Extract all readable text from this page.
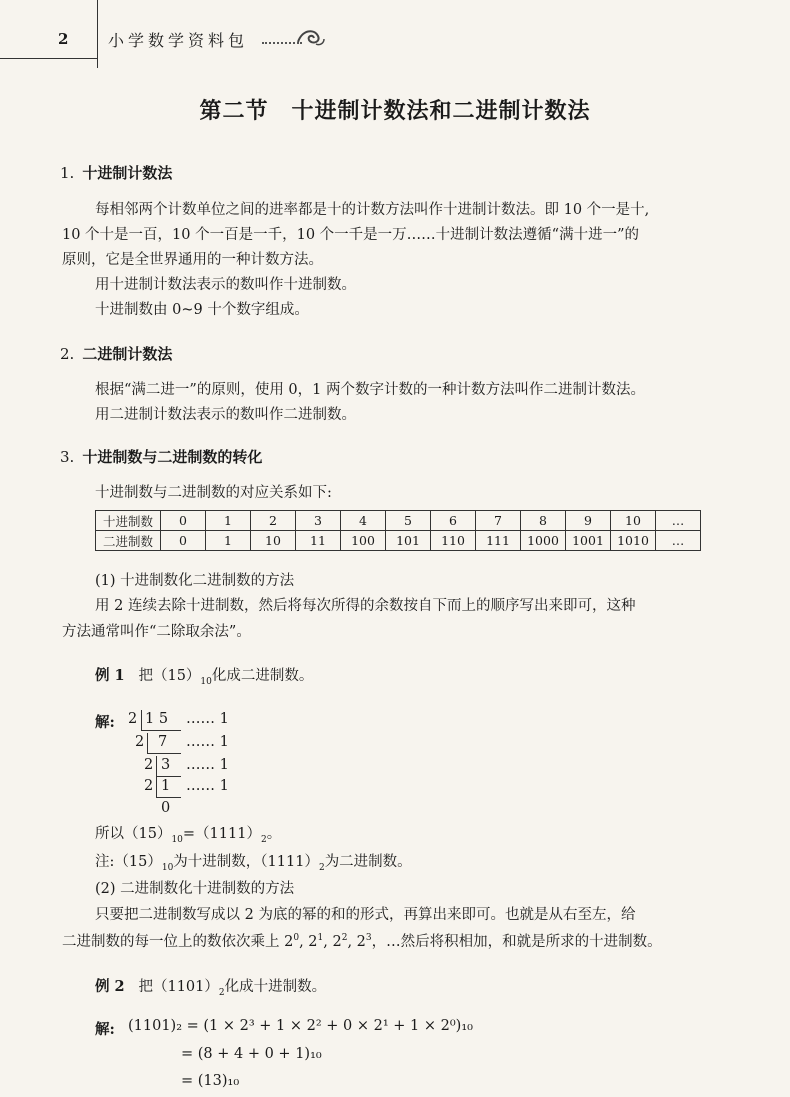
2 小学数学资料包
第二节　十进制计数法和二进制计数法
1. 十进制计数法
每相邻两个计数单位之间的进率都是十的计数方法叫作十进制计数法。即 10 个一是十,
10 个十是一百，10 个一百是一千，10 个一千是一万……十进制计数法遵循“满十进一”的
原则，它是全世界通用的一种计数方法。
用十进制计数法表示的数叫作十进制数。
十进制数由 0~9 十个数字组成。
2. 二进制计数法
根据“满二进一”的原则，使用 0，1 两个数字计数的一种计数方法叫作二进制计数法。
用二进制计数法表示的数叫作二进制数。
3. 十进制数与二进制数的转化
十进制数与二进制数的对应关系如下:
十进制数	0	1	2	3	4	5	6	7	8	9	10	…
二进制数	0	1	10	11	100	101	110	111	1000	1001	1010	…
(1) 十进制数化二进制数的方法
用 2 连续去除十进制数，然后将每次所得的余数按自下而上的顺序写出来即可，这种
方法通常叫作“二除取余法”。
例 1 把$(15)_{10}$化成二进制数。
解: 2 1 5 …… 1
2 7 …… 1
2 3 …… 1
2 1 …… 1
0
所以$(15)_{10}=(1111)_2$。
注$:(15)_{10}$为十进制数，$(1111)_2$为二进制数。
(2) 二进制数化十进制数的方法
只要把二进制数写成以 2 为底的幂的和的形式，再算出来即可。也就是从右至左，给
二进制数的每一位上的数依次乘上 $2^0$, $2^1$, $2^2$, $2^3$，…然后将积相加，和就是所求的十进制数。
例 2 把$(1101)_2$化成十进制数。
解: (1101)₂ = (1 × 2³ + 1 × 2² + 0 × 2¹ + 1 × 2⁰)₁₀
= (8 + 4 + 0 + 1)₁₀
= (13)₁₀
